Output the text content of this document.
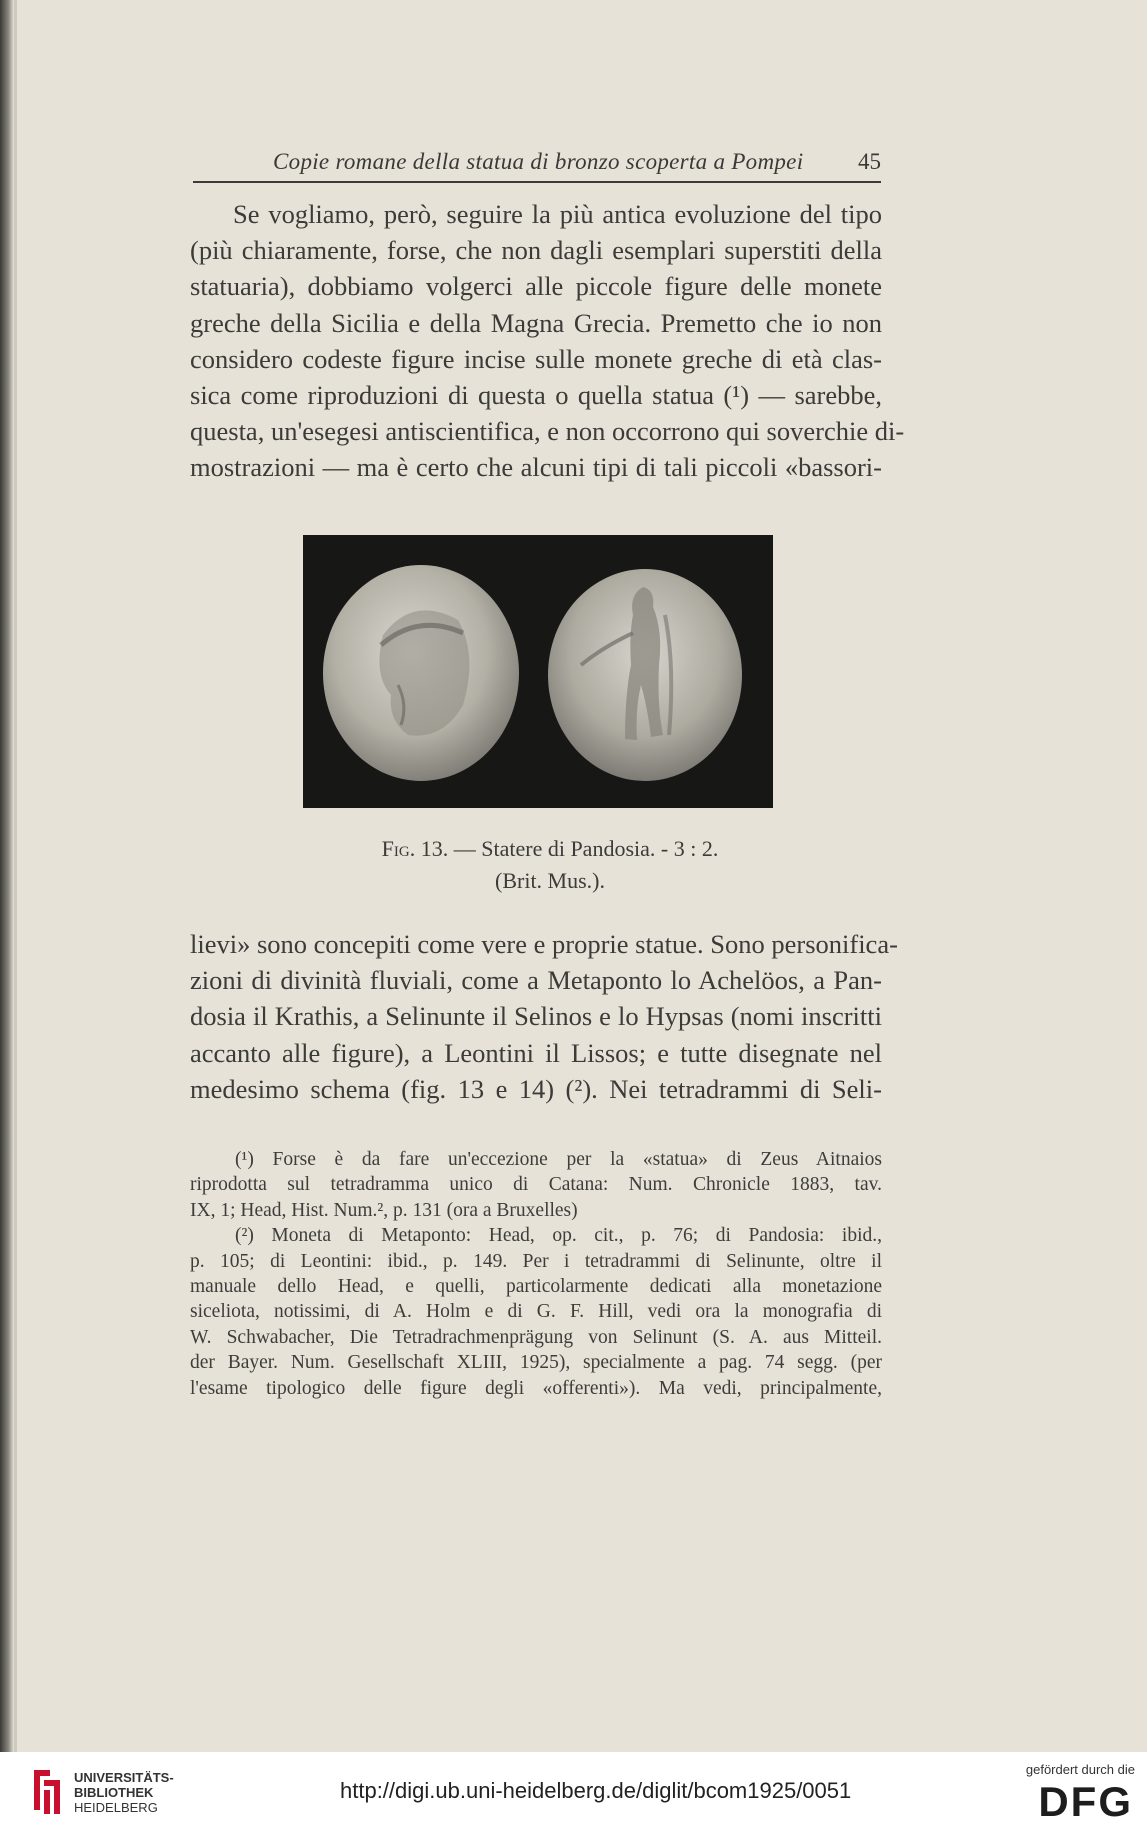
Copie romane della statua di bronzo scoperta a Pompei 45
Se vogliamo, però, seguire la più antica evoluzione del tipo
(più chiaramente, forse, che non dagli esemplari superstiti della
statuaria), dobbiamo volgerci alle piccole figure delle monete
greche della Sicilia e della Magna Grecia. Premetto che io non
considero codeste figure incise sulle monete greche di età clas-
sica come riproduzioni di questa o quella statua (¹) — sarebbe,
questa, un'esegesi antiscientifica, e non occorrono qui soverchie di-
mostrazioni — ma è certo che alcuni tipi di tali piccoli «bassori-
Fig. 13. — Statere di Pandosia. - 3 : 2.
(Brit. Mus.).
lievi» sono concepiti come vere e proprie statue. Sono personifica-
zioni di divinità fluviali, come a Metaponto lo Achelöos, a Pan-
dosia il Krathis, a Selinunte il Selinos e lo Hypsas (nomi inscritti
accanto alle figure), a Leontini il Lissos; e tutte disegnate nel
medesimo schema (fig. 13 e 14) (²). Nei tetradrammi di Seli-
(¹) Forse è da fare un'eccezione per la «statua» di Zeus Aitnaios
riprodotta sul tetradramma unico di Catana: Num. Chronicle 1883, tav.
IX, 1; Head, Hist. Num.², p. 131 (ora a Bruxelles)
(²) Moneta di Metaponto: Head, op. cit., p. 76; di Pandosia: ibid.,
p. 105; di Leontini: ibid., p. 149. Per i tetradrammi di Selinunte, oltre il
manuale dello Head, e quelli, particolarmente dedicati alla monetazione
siceliota, notissimi, di A. Holm e di G. F. Hill, vedi ora la monografia di
W. Schwabacher, Die Tetradrachmenprägung von Selinunt (S. A. aus Mitteil.
der Bayer. Num. Gesellschaft XLIII, 1925), specialmente a pag. 74 segg. (per
l'esame tipologico delle figure degli «offerenti»). Ma vedi, principalmente,
UNIVERSITÄTS-
BIBLIOTHEK
HEIDELBERG
http://digi.ub.uni-heidelberg.de/diglit/bcom1925/0051
gefördert durch die
DFG
